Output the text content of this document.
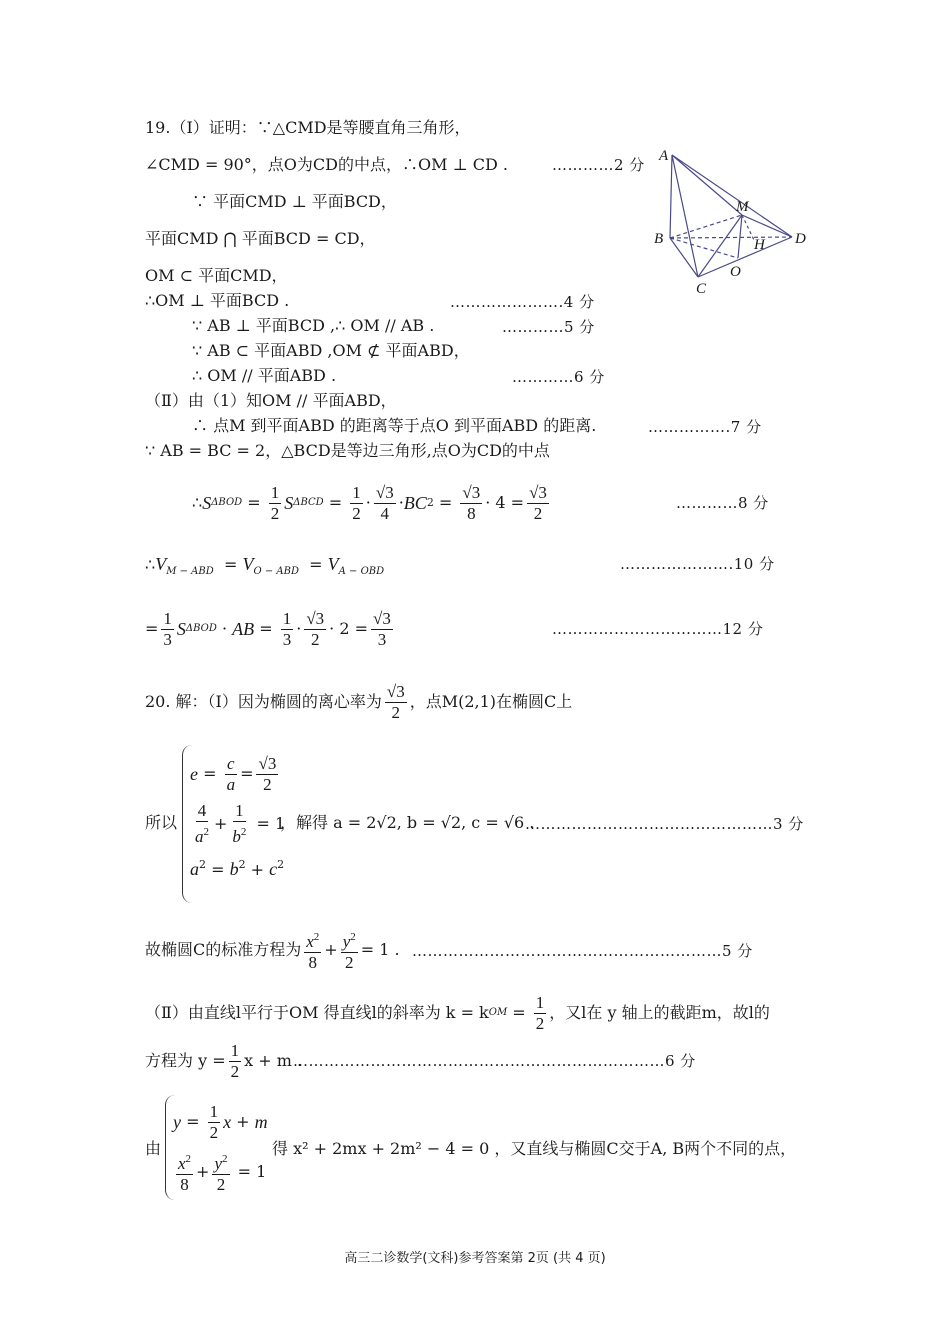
19.（Ⅰ）证明：∵△CMD是等腰直角三角形，
∠CMD = 90°，点O为CD的中点，∴OM ⊥ CD .	…………2 分
∵ 平面CMD ⊥ 平面BCD，
平面CMD ⋂ 平面BCD = CD，
OM ⊂ 平面CMD，
∴OM ⊥ 平面BCD .	………………….4 分
∵ AB ⊥ 平面BCD ,∴ OM // AB .	…………5 分
∵ AB ⊂ 平面ABD ,OM ⊄ 平面ABD，
∴ OM // 平面ABD .	…………6 分
（Ⅱ）由（1）知OM // 平面ABD，
∴ 点M 到平面ABD 的距离等于点O 到平面ABD 的距离.	…………….7 分
∵ AB = BC = 2，△BCD是等边三角形,点O为CD的中点
∴ S $\Delta BOD = \frac{1}{2}$ S $\Delta BCD = \frac{1}{2} \cdot \frac{√3}{4}$ · BC $2 = \frac{√3}{8} \cdot 4 = \frac{√3}{2}$	…………8 分
$\therefore V_{M - ABD} = V_{O - ABD} = V_{A - OBD}$	………………….10 分
= $\frac{1}{3}$ S ΔBOD · AB = $\frac{1}{3} \cdot \frac{√3}{2} \cdot 2 = \frac{√3}{3}$	……………………………12 分
A
M
B	H D
O
C
20. 解：（Ⅰ）因为椭圆的离心率为 $\frac{√3}{2}$ ，点M(2,1)在椭圆C上
所以
$e = \frac{c}{a} = \frac{√3}{2}$
$\frac{4}{a^2} + \frac{1}{b^2} = 1$
$a^2 = b^2 + c^2$
，解得 a = 2√2, b = √2, c = √6 .
…………………………………………3 分
故椭圆C的标准方程为 $\frac{x^2}{8} + \frac{y^2}{2} = 1$ . ……………………………………………………5 分
（Ⅱ）由直线l平行于OM 得直线l的斜率为 k = k OM = $\frac{1}{2}$ ，又l在 y 轴上的截距m，故l的
方程为 $y = \frac{1}{2}$ x + m .
………………………………………………………………6 分
由
$y = \frac{1}{2}$ x + m
$\frac{x^2}{8} + \frac{y^2}{2} = 1$
得 x² + 2mx + 2m² − 4 = 0 ，又直线与椭圆C交于A, B两个不同的点，
高三二诊数学(文科)参考答案第 2页 (共 4 页)
